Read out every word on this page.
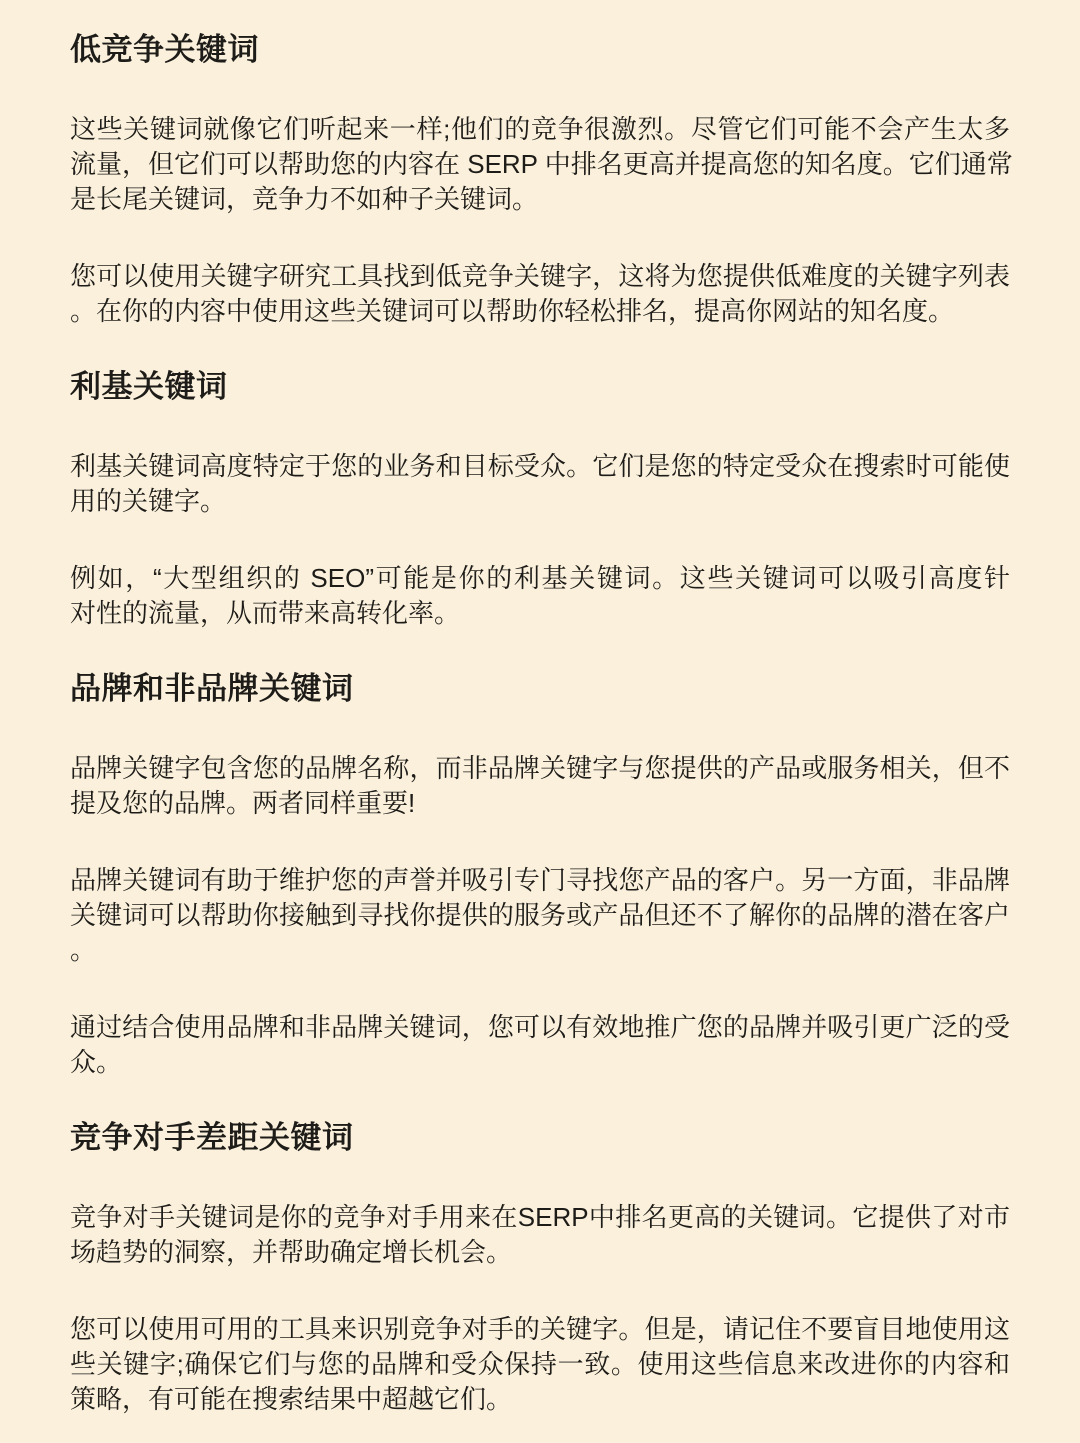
低竞争关键词

这些关键词就像它们听起来一样;他们的竞争很激烈。尽管它们可能不会产生太多
流量，但它们可以帮助您的内容在 SERP 中排名更高并提高您的知名度。它们通常
是长尾关键词，竞争力不如种子关键词。

您可以使用关键字研究工具找到低竞争关键字，这将为您提供低难度的关键字列表
。在你的内容中使用这些关键词可以帮助你轻松排名，提高你网站的知名度。

利基关键词

利基关键词高度特定于您的业务和目标受众。它们是您的特定受众在搜索时可能使
用的关键字。

例如，“大型组织的 SEO”可能是你的利基关键词。这些关键词可以吸引高度针
对性的流量，从而带来高转化率。

品牌和非品牌关键词

品牌关键字包含您的品牌名称，而非品牌关键字与您提供的产品或服务相关，但不
提及您的品牌。两者同样重要!

品牌关键词有助于维护您的声誉并吸引专门寻找您产品的客户。另一方面，非品牌
关键词可以帮助你接触到寻找你提供的服务或产品但还不了解你的品牌的潜在客户
。

通过结合使用品牌和非品牌关键词，您可以有效地推广您的品牌并吸引更广泛的受
众。

竞争对手差距关键词

竞争对手关键词是你的竞争对手用来在SERP中排名更高的关键词。它提供了对市
场趋势的洞察，并帮助确定增长机会。

您可以使用可用的工具来识别竞争对手的关键字。但是，请记住不要盲目地使用这
些关键字;确保它们与您的品牌和受众保持一致。使用这些信息来改进你的内容和
策略，有可能在搜索结果中超越它们。
